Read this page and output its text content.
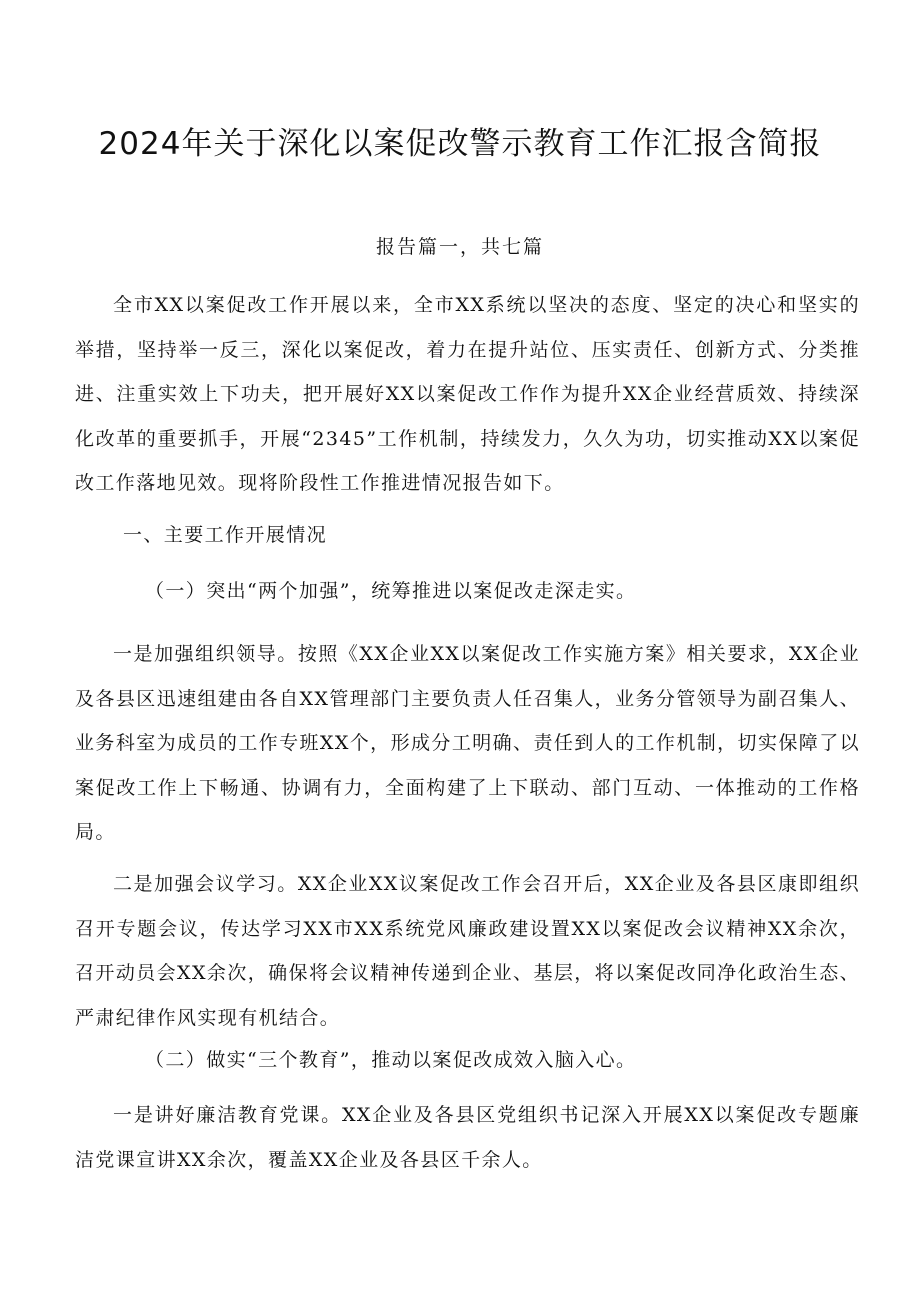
2024年关于深化以案促改警示教育工作汇报含简报
报告篇一，共七篇
全市XX以案促改工作开展以来，全市XX系统以坚决的态度、坚定的决心和坚实的举措，坚持举一反三，深化以案促改，着力在提升站位、压实责任、创新方式、分类推进、注重实效上下功夫，把开展好XX以案促改工作作为提升XX企业经营质效、持续深化改革的重要抓手，开展“2345”工作机制，持续发力，久久为功，切实推动XX以案促改工作落地见效。现将阶段性工作推进情况报告如下。
一、主要工作开展情况
（一）突出“两个加强”，统筹推进以案促改走深走实。
一是加强组织领导。按照《XX企业XX以案促改工作实施方案》相关要求，XX企业及各县区迅速组建由各自XX管理部门主要负责人任召集人，业务分管领导为副召集人、业务科室为成员的工作专班XX个，形成分工明确、责任到人的工作机制，切实保障了以案促改工作上下畅通、协调有力，全面构建了上下联动、部门互动、一体推动的工作格局。
二是加强会议学习。XX企业XX议案促改工作会召开后，XX企业及各县区康即组织召开专题会议，传达学习XX市XX系统党风廉政建设置XX以案促改会议精神XX余次，召开动员会XX余次，确保将会议精神传递到企业、基层，将以案促改同净化政治生态、严肃纪律作风实现有机结合。
（二）做实“三个教育”，推动以案促改成效入脑入心。
一是讲好廉洁教育党课。XX企业及各县区党组织书记深入开展XX以案促改专题廉洁党课宣讲XX余次，覆盖XX企业及各县区千余人。
